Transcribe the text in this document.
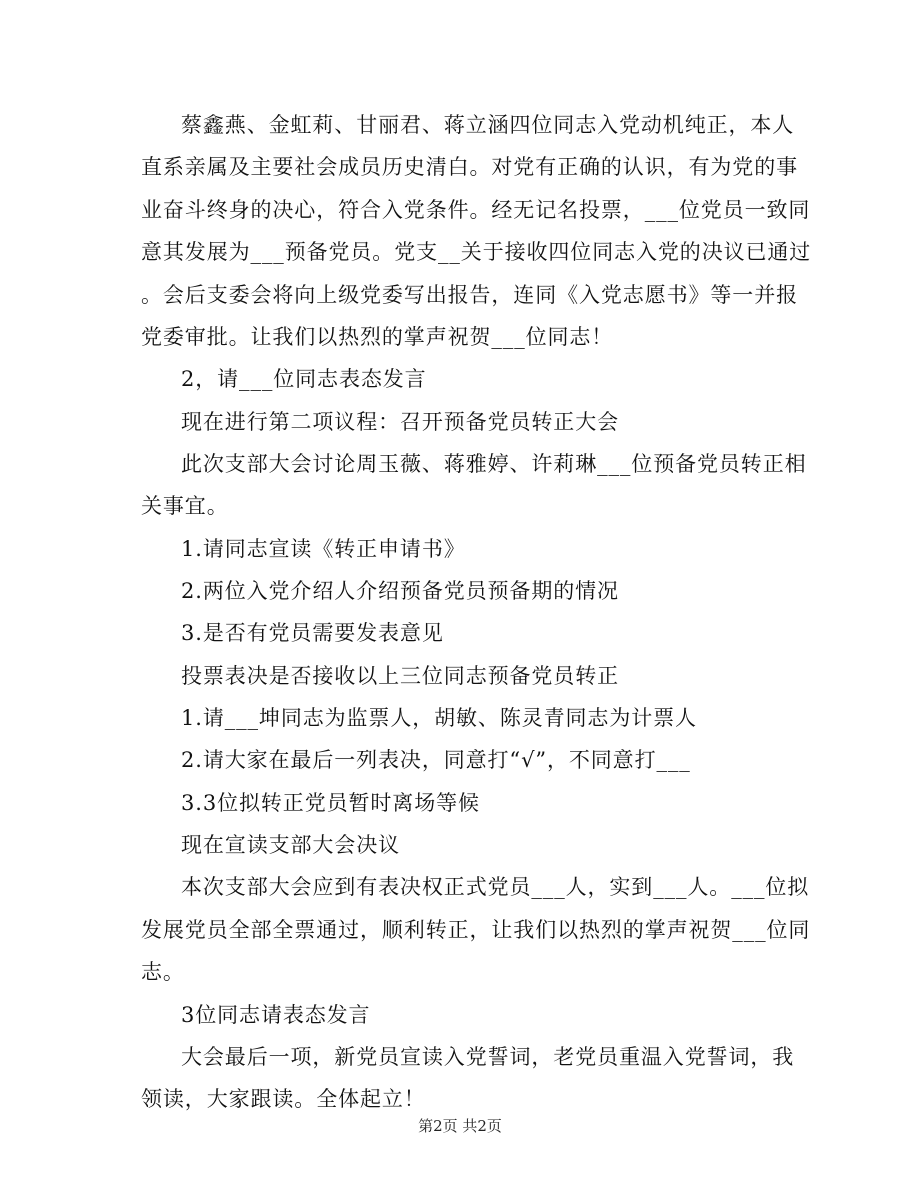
蔡鑫燕、金虹莉、甘丽君、蒋立涵四位同志入党动机纯正，本人
直系亲属及主要社会成员历史清白。对党有正确的认识，有为党的事
业奋斗终身的决心，符合入党条件。经无记名投票，___位党员一致同
意其发展为___预备党员。党支__关于接收四位同志入党的决议已通过
。会后支委会将向上级党委写出报告，连同《入党志愿书》等一并报
党委审批。让我们以热烈的掌声祝贺___位同志！
2，请___位同志表态发言
现在进行第二项议程：召开预备党员转正大会
此次支部大会讨论周玉薇、蒋雅婷、许莉琳___位预备党员转正相
关事宜。
1.请同志宣读《转正申请书》
2.两位入党介绍人介绍预备党员预备期的情况
3.是否有党员需要发表意见
投票表决是否接收以上三位同志预备党员转正
1.请___坤同志为监票人，胡敏、陈灵青同志为计票人
2.请大家在最后一列表决，同意打“√”，不同意打___
3.3位拟转正党员暂时离场等候
现在宣读支部大会决议
本次支部大会应到有表决权正式党员___人，实到___人。___位拟
发展党员全部全票通过，顺利转正，让我们以热烈的掌声祝贺___位同
志。
3位同志请表态发言
大会最后一项，新党员宣读入党誓词，老党员重温入党誓词，我
领读，大家跟读。全体起立！
第2页 共2页
